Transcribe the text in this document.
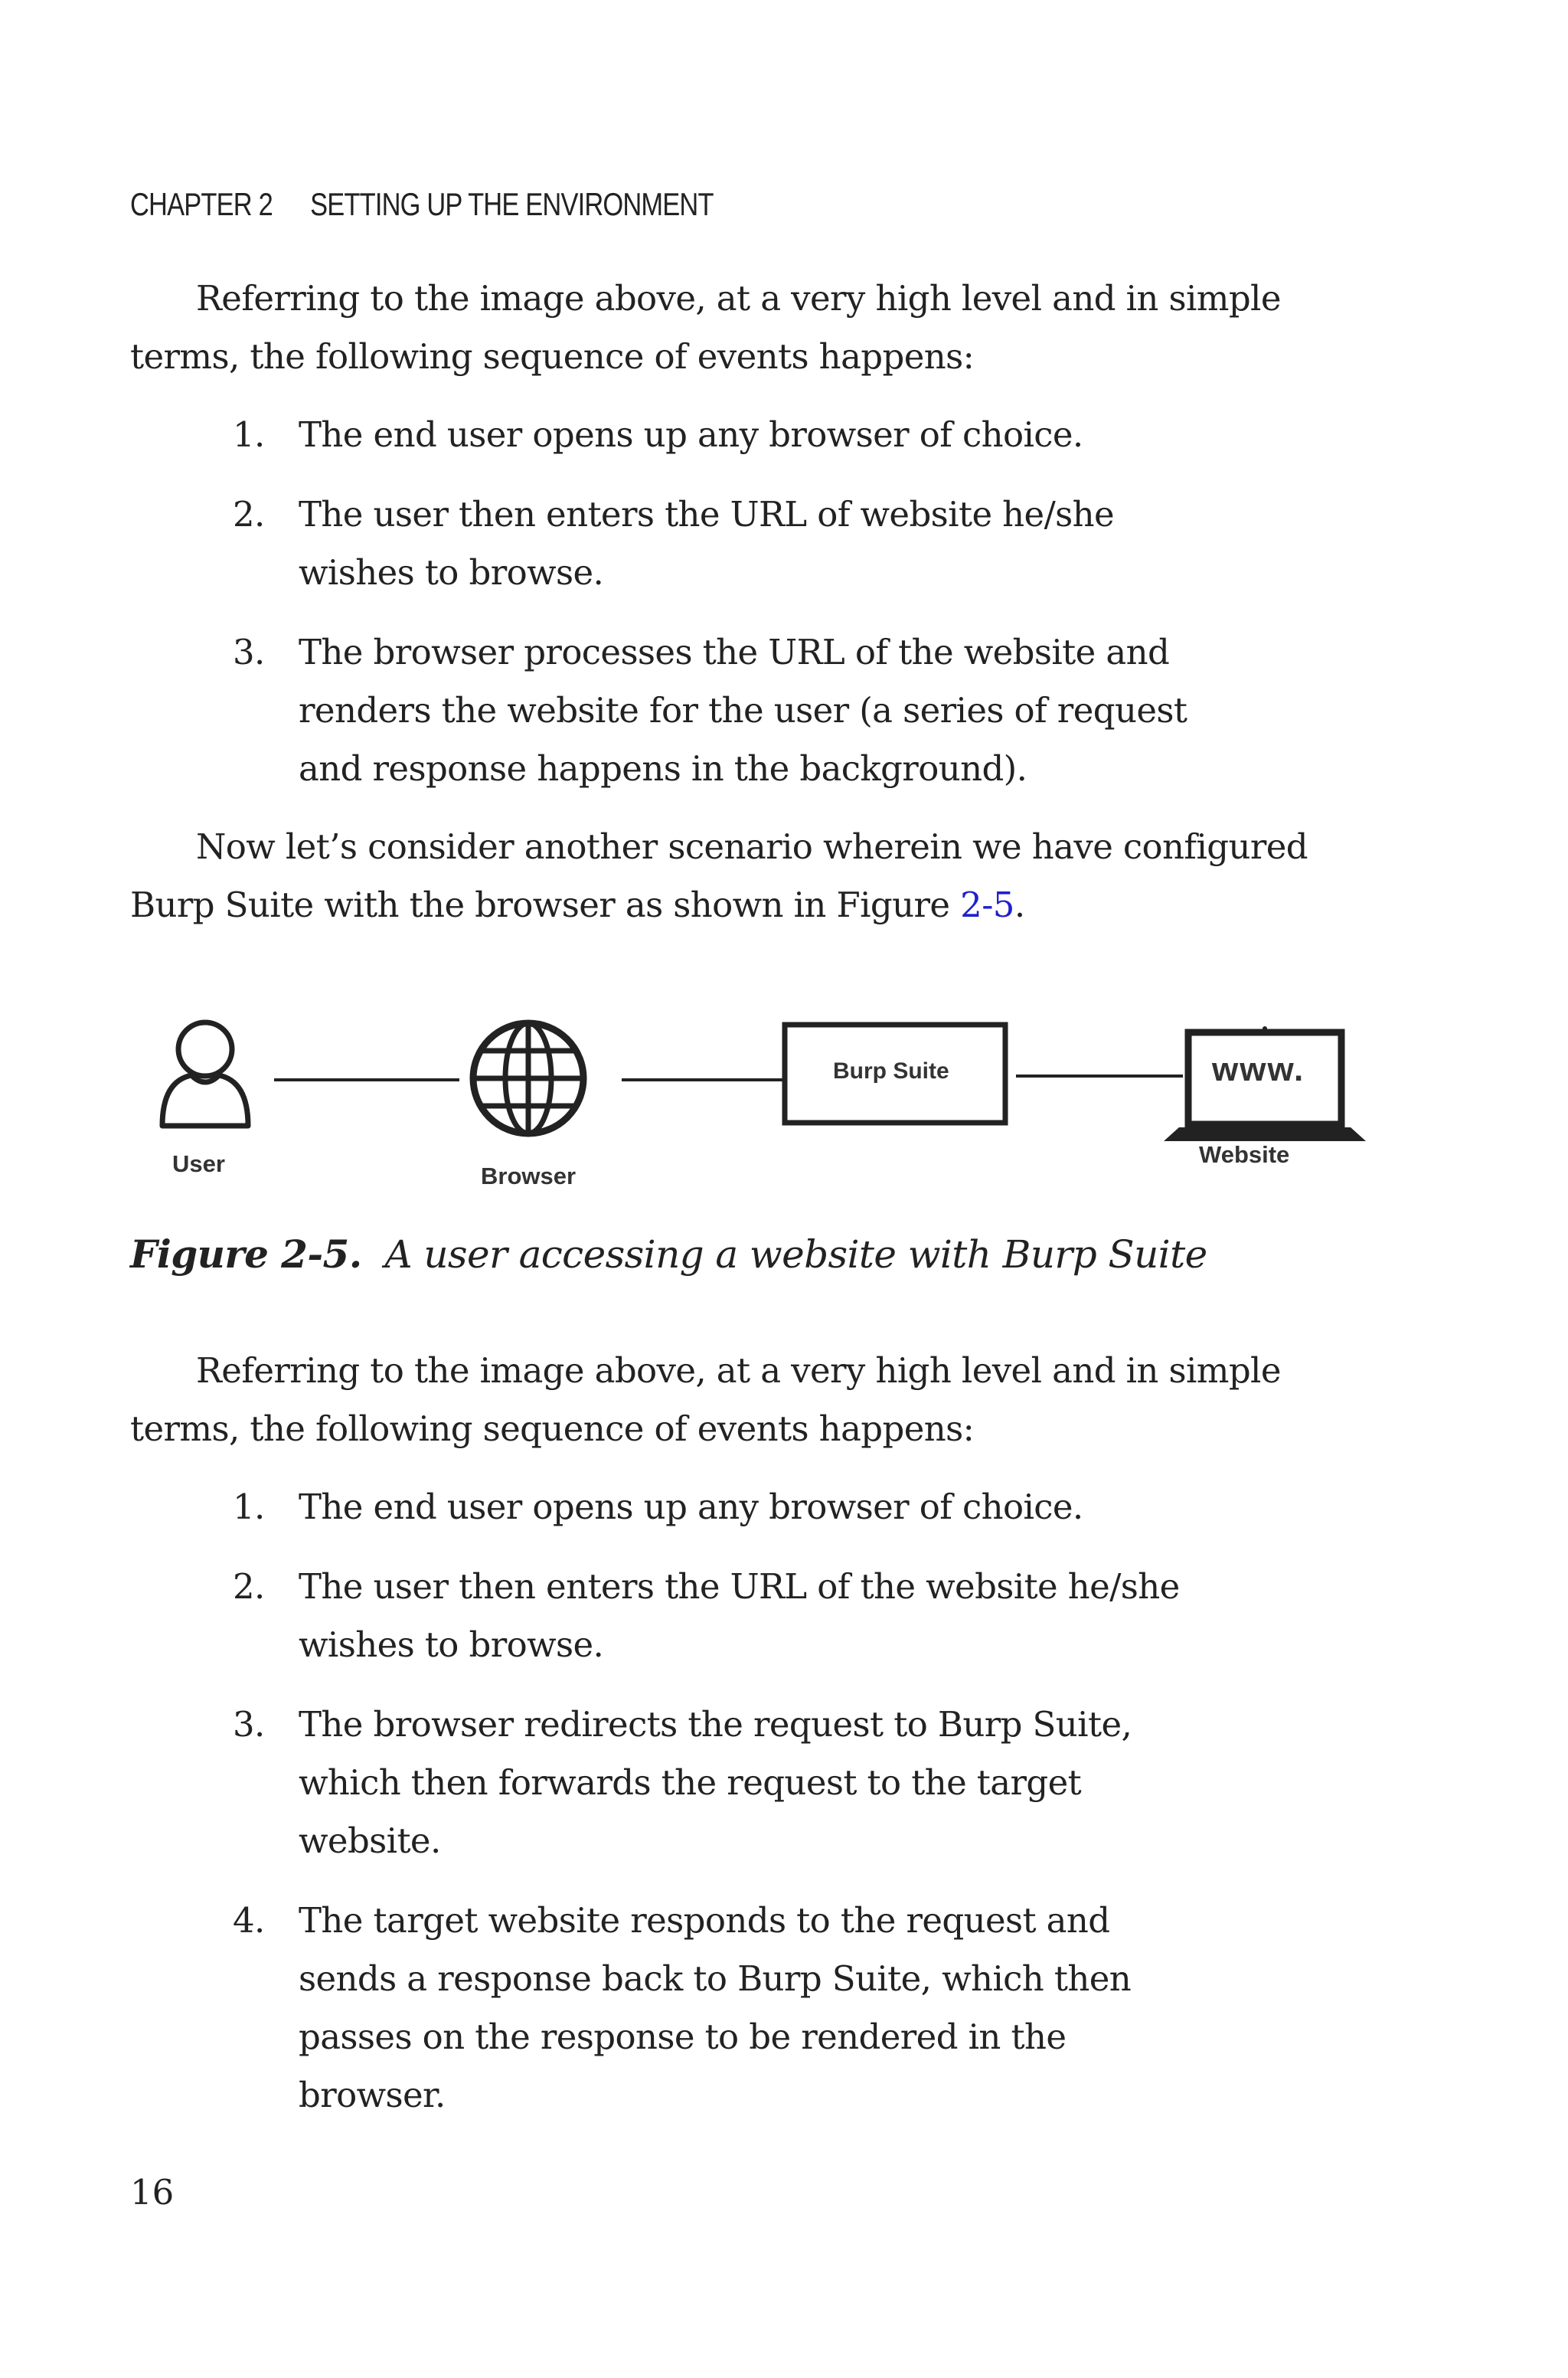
CHAPTER 2 SETTING UP THE ENVIRONMENT

Referring to the image above, at a very high level and in simple terms, the following sequence of events happens:

1. The end user opens up any browser of choice.

2. The user then enters the URL of website he/she wishes to browse.

3. The browser processes the URL of the website and renders the website for the user (a series of request and response happens in the background).

Now let’s consider another scenario wherein we have configured Burp Suite with the browser as shown in Figure 2-5.

User	Browser
Burp Suite	www.
Website
Figure 2-5. A user accessing a website with Burp Suite

Referring to the image above, at a very high level and in simple terms, the following sequence of events happens:

1. The end user opens up any browser of choice.

2. The user then enters the URL of the website he/she wishes to browse.

3. The browser redirects the request to Burp Suite, which then forwards the request to the target website.

4. The target website responds to the request and sends a response back to Burp Suite, which then passes on the response to be rendered in the browser.

16
